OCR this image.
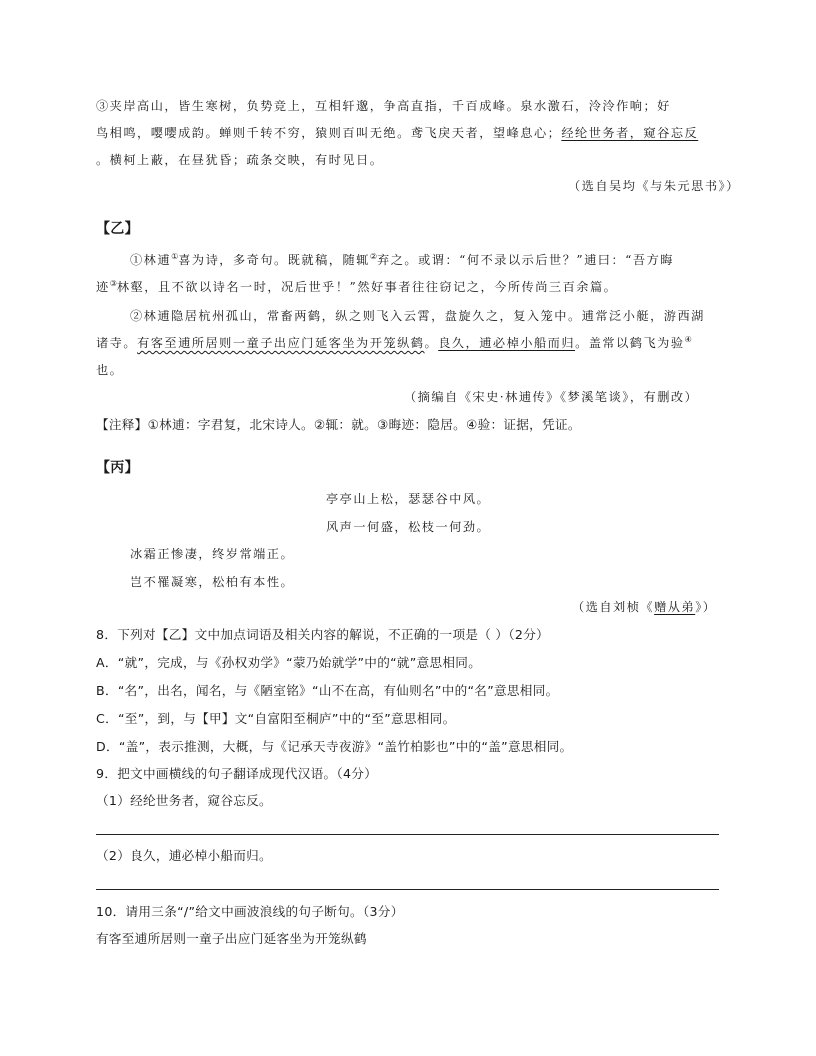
③夹岸高山，皆生寒树，负势竞上，互相轩邈，争高直指，千百成峰。泉水激石，泠泠作响；好
鸟相鸣，嘤嘤成韵。蝉则千转不穷，猿则百叫无绝。鸢飞戾天者，望峰息心；经纶世务者，窥谷忘反
。横柯上蔽，在昼犹昏；疏条交映，有时见日。
（选自吴均《与朱元思书》）
【乙】
①林逋①喜为诗，多奇句。既就稿，随辄②弃之。或谓：“何不录以示后世？”逋曰：“吾方晦
迹③林壑，且不欲以诗名一时，况后世乎！”然好事者往往窃记之，今所传尚三百余篇。
②林逋隐居杭州孤山，常畜两鹤，纵之则飞入云霄，盘旋久之，复入笼中。逋常泛小艇，游西湖
诸寺。有客至逋所居则一童子出应门延客坐为开笼纵鹤。良久，逋必棹小船而归。盖常以鹤飞为验④
也。
（摘编自《宋史·林逋传》《梦溪笔谈》，有删改）
【注释】①林逋：字君复，北宋诗人。②辄：就。③晦迹：隐居。④验：证据，凭证。
【丙】
亭亭山上松，瑟瑟谷中风。
风声一何盛，松枝一何劲。
冰霜正惨凄，终岁常端正。
岂不罹凝寒，松柏有本性。
（选自刘桢《赠从弟》）
8．下列对【乙】文中加点词语及相关内容的解说，不正确的一项是（ ）（2分）
A．“就”，完成，与《孙权劝学》“蒙乃始就学”中的“就”意思相同。
B．“名”，出名，闻名，与《陋室铭》“山不在高，有仙则名”中的“名”意思相同。
C．“至”，到，与【甲】文“自富阳至桐庐”中的“至”意思相同。
D．“盖”，表示推测，大概，与《记承天寺夜游》“盖竹柏影也”中的“盖”意思相同。
9．把文中画横线的句子翻译成现代汉语。（4分）
（1）经纶世务者，窥谷忘反。
（2）良久，逋必棹小船而归。
10．请用三条“/”给文中画波浪线的句子断句。（3分）
有客至逋所居则一童子出应门延客坐为开笼纵鹤
